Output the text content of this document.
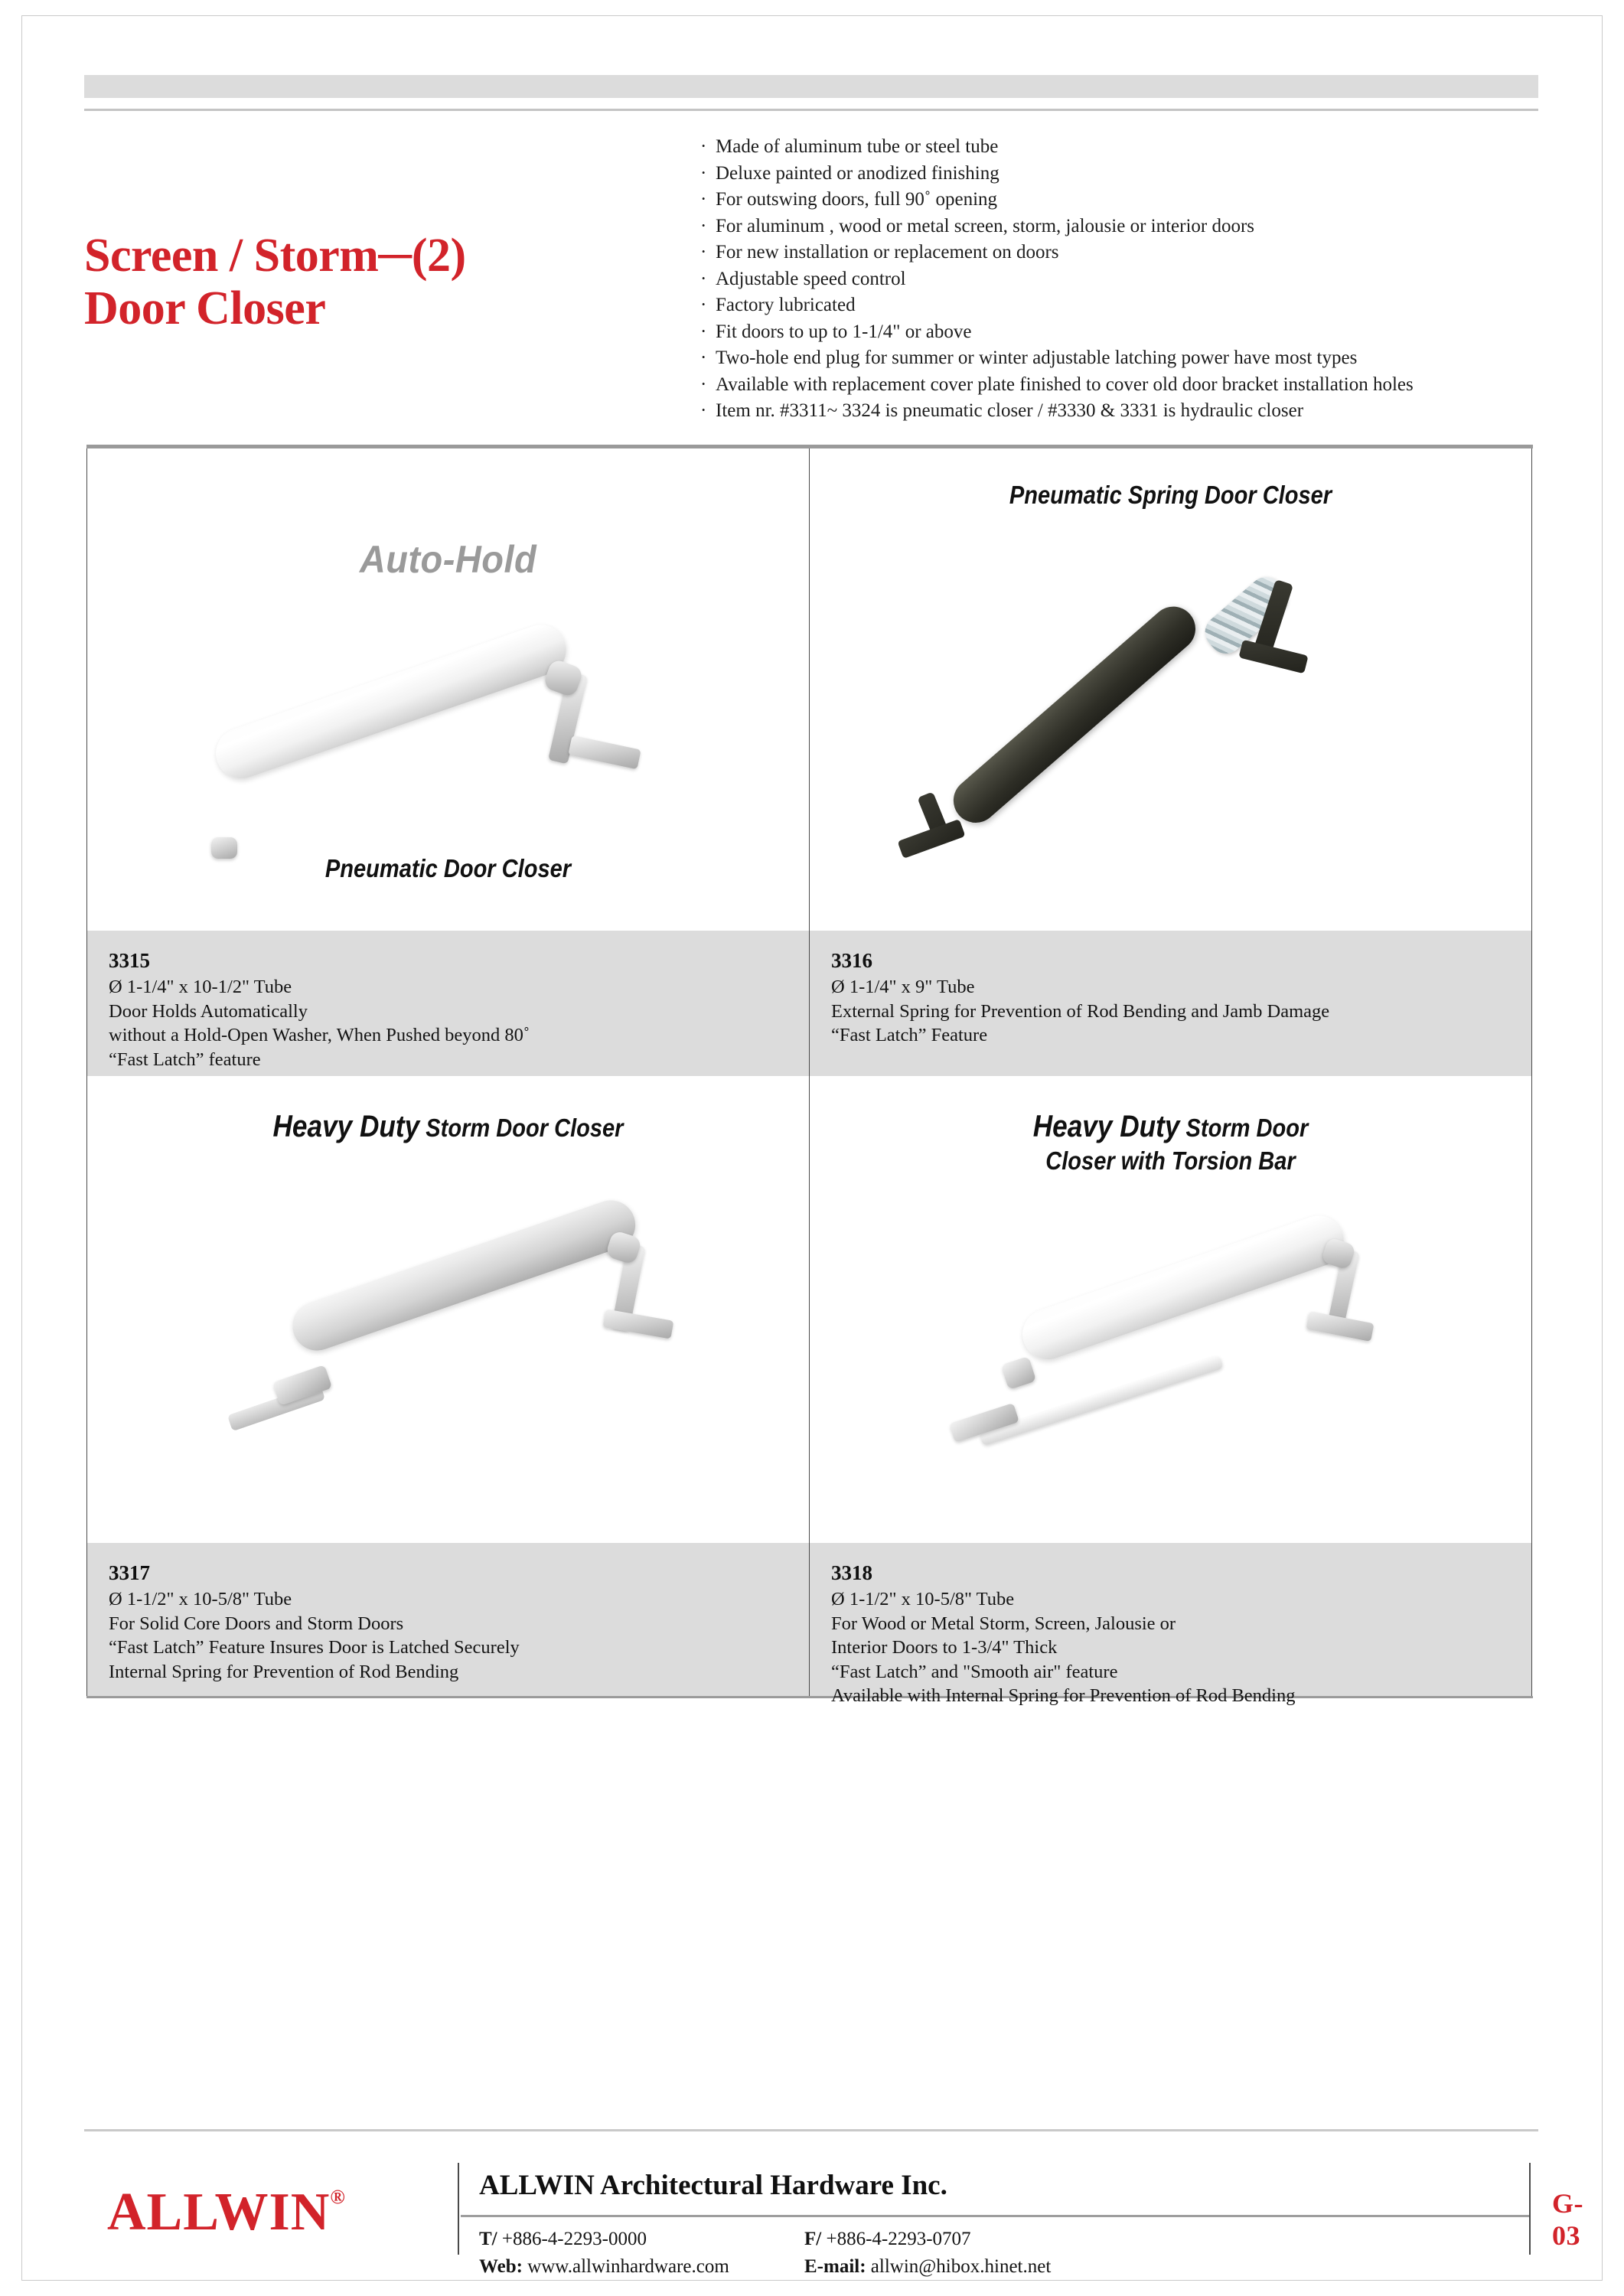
Screen / Storm─(2)
Door Closer
· Made of aluminum tube or steel tube
· Deluxe painted or anodized finishing
· For outswing doors, full 90˚ opening
· For aluminum , wood or metal screen, storm, jalousie or interior doors
· For new installation or replacement on doors
· Adjustable speed control
· Factory lubricated
· Fit doors to up to 1-1/4" or above
· Two-hole end plug for summer or winter adjustable latching power have most types
· Available with replacement cover plate finished to cover old door bracket installation holes
· Item nr. #3311~ 3324 is pneumatic closer / #3330 & 3331 is hydraulic closer
Auto-Hold
Pneumatic Door Closer
3315
Ø 1-1/4" x 10-1/2" Tube
Door Holds Automatically
without a Hold-Open Washer, When Pushed beyond 80˚
“Fast Latch” feature
Pneumatic Spring Door Closer
3316
Ø 1-1/4" x 9" Tube
External Spring for Prevention of Rod Bending and Jamb Damage
“Fast Latch” Feature
Heavy Duty Storm Door Closer
3317
Ø 1-1/2" x 10-5/8" Tube
For Solid Core Doors and Storm Doors
“Fast Latch” Feature Insures Door is Latched Securely
Internal Spring for Prevention of Rod Bending
Heavy Duty Storm Door
Closer with Torsion Bar
3318
Ø 1-1/2" x 10-5/8" Tube
For Wood or Metal Storm, Screen, Jalousie or
Interior Doors to 1-3/4" Thick
“Fast Latch” and "Smooth air" feature
Available with Internal Spring for Prevention of Rod Bending
ALLWIN®	ALLWIN Architectural Hardware Inc.
T/ +886-4-2293-0000	F/ +886-4-2293-0707
Web: www.allwinhardware.com	E-mail: allwin@hibox.hinet.net
G-03
